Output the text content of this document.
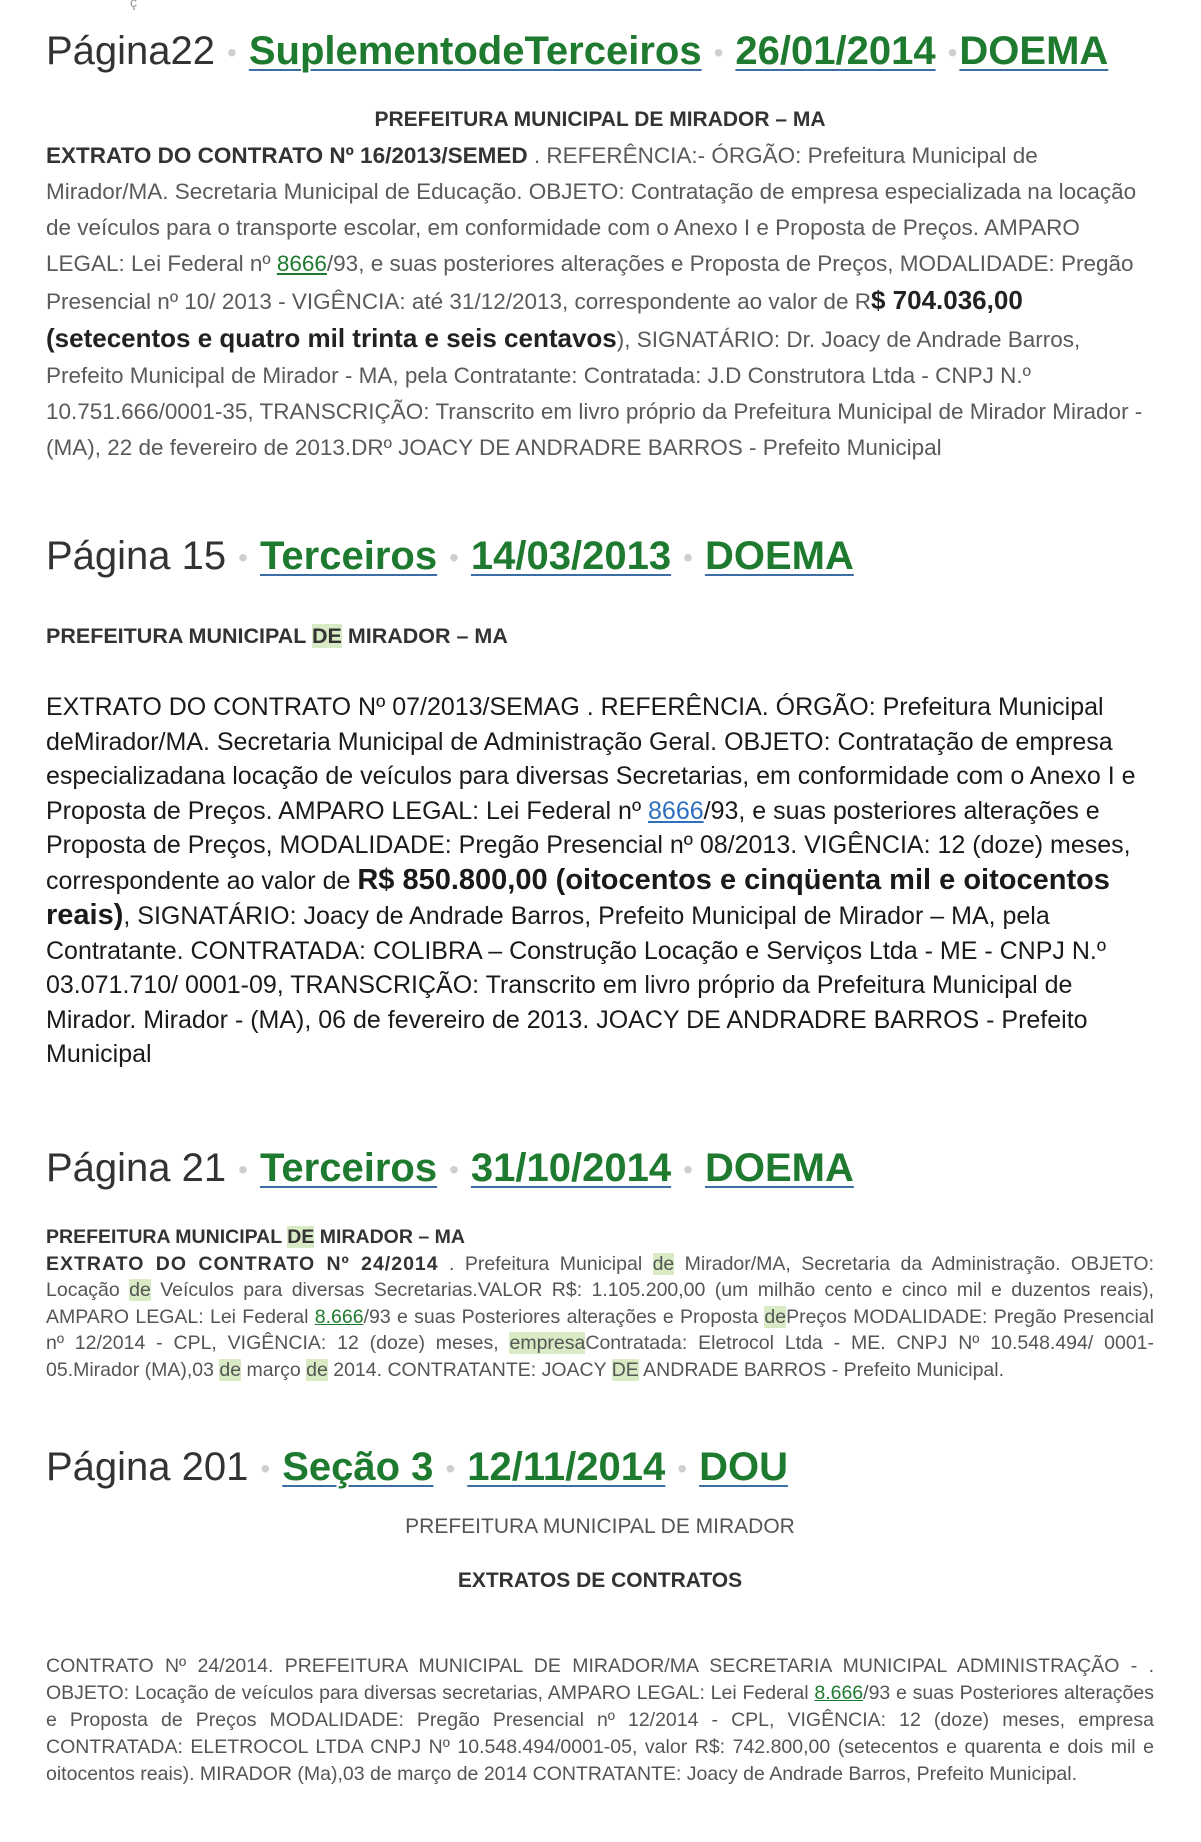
ç
Página22 • SuplementodeTerceiros • 26/01/2014 •DOEMA
PREFEITURA MUNICIPAL DE MIRADOR – MA
EXTRATO DO CONTRATO Nº 16/2013/SEMED . REFERÊNCIA:- ÓRGÃO: Prefeitura Municipal de Mirador/MA. Secretaria Municipal de Educação. OBJETO: Contratação de empresa especializada na locação de veículos para o transporte escolar, em conformidade com o Anexo I e Proposta de Preços. AMPARO LEGAL: Lei Federal nº 8666/93, e suas posteriores alterações e Proposta de Preços, MODALIDADE: Pregão Presencial nº 10/ 2013 - VIGÊNCIA: até 31/12/2013, correspondente ao valor de R$ 704.036,00 (setecentos e quatro mil trinta e seis centavos), SIGNATÁRIO: Dr. Joacy de Andrade Barros, Prefeito Municipal de Mirador - MA, pela Contratante: Contratada: J.D Construtora Ltda - CNPJ N.º 10.751.666/0001-35, TRANSCRIÇÃO: Transcrito em livro próprio da Prefeitura Municipal de Mirador Mirador - (MA), 22 de fevereiro de 2013.DRº JOACY DE ANDRADRE BARROS - Prefeito Municipal
Página 15 • Terceiros • 14/03/2013 • DOEMA
PREFEITURA MUNICIPAL DE MIRADOR – MA
EXTRATO DO CONTRATO Nº 07/2013/SEMAG . REFERÊNCIA. ÓRGÃO: Prefeitura Municipal deMirador/MA. Secretaria Municipal de Administração Geral. OBJETO: Contratação de empresa especializadana locação de veículos para diversas Secretarias, em conformidade com o Anexo I e Proposta de Preços. AMPARO LEGAL: Lei Federal nº 8666/93, e suas posteriores alterações e Proposta de Preços, MODALIDADE: Pregão Presencial nº 08/2013. VIGÊNCIA: 12 (doze) meses, correspondente ao valor de R$ 850.800,00 (oitocentos e cinqüenta mil e oitocentos reais), SIGNATÁRIO: Joacy de Andrade Barros, Prefeito Municipal de Mirador – MA, pela Contratante. CONTRATADA: COLIBRA – Construção Locação e Serviços Ltda - ME - CNPJ N.º 03.071.710/ 0001-09, TRANSCRIÇÃO: Transcrito em livro próprio da Prefeitura Municipal de Mirador. Mirador - (MA), 06 de fevereiro de 2013. JOACY DE ANDRADRE BARROS - Prefeito Municipal
Página 21 • Terceiros • 31/10/2014 • DOEMA
PREFEITURA MUNICIPAL DE MIRADOR – MA
EXTRATO DO CONTRATO Nº 24/2014 . Prefeitura Municipal de Mirador/MA, Secretaria da Administração. OBJETO: Locação de Veículos para diversas Secretarias.VALOR R$: 1.105.200,00 (um milhão cento e cinco mil e duzentos reais), AMPARO LEGAL: Lei Federal 8.666/93 e suas Posteriores alterações e Proposta dePreços MODALIDADE: Pregão Presencial nº 12/2014 - CPL, VIGÊNCIA: 12 (doze) meses, empresaContratada: Eletrocol Ltda - ME. CNPJ Nº 10.548.494/ 0001-05.Mirador (MA),03 de março de 2014. CONTRATANTE: JOACY DE ANDRADE BARROS - Prefeito Municipal.
Página 201 • Seção 3 • 12/11/2014 • DOU
PREFEITURA MUNICIPAL DE MIRADOR
EXTRATOS DE CONTRATOS
CONTRATO Nº 24/2014. PREFEITURA MUNICIPAL DE MIRADOR/MA SECRETARIA MUNICIPAL ADMINISTRAÇÃO - . OBJETO: Locação de veículos para diversas secretarias, AMPARO LEGAL: Lei Federal 8.666/93 e suas Posteriores alterações e Proposta de Preços MODALIDADE: Pregão Presencial nº 12/2014 - CPL, VIGÊNCIA: 12 (doze) meses, empresa CONTRATADA: ELETROCOL LTDA CNPJ Nº 10.548.494/0001-05, valor R$: 742.800,00 (setecentos e quarenta e dois mil e oitocentos reais). MIRADOR (Ma),03 de março de 2014 CONTRATANTE: Joacy de Andrade Barros, Prefeito Municipal.
